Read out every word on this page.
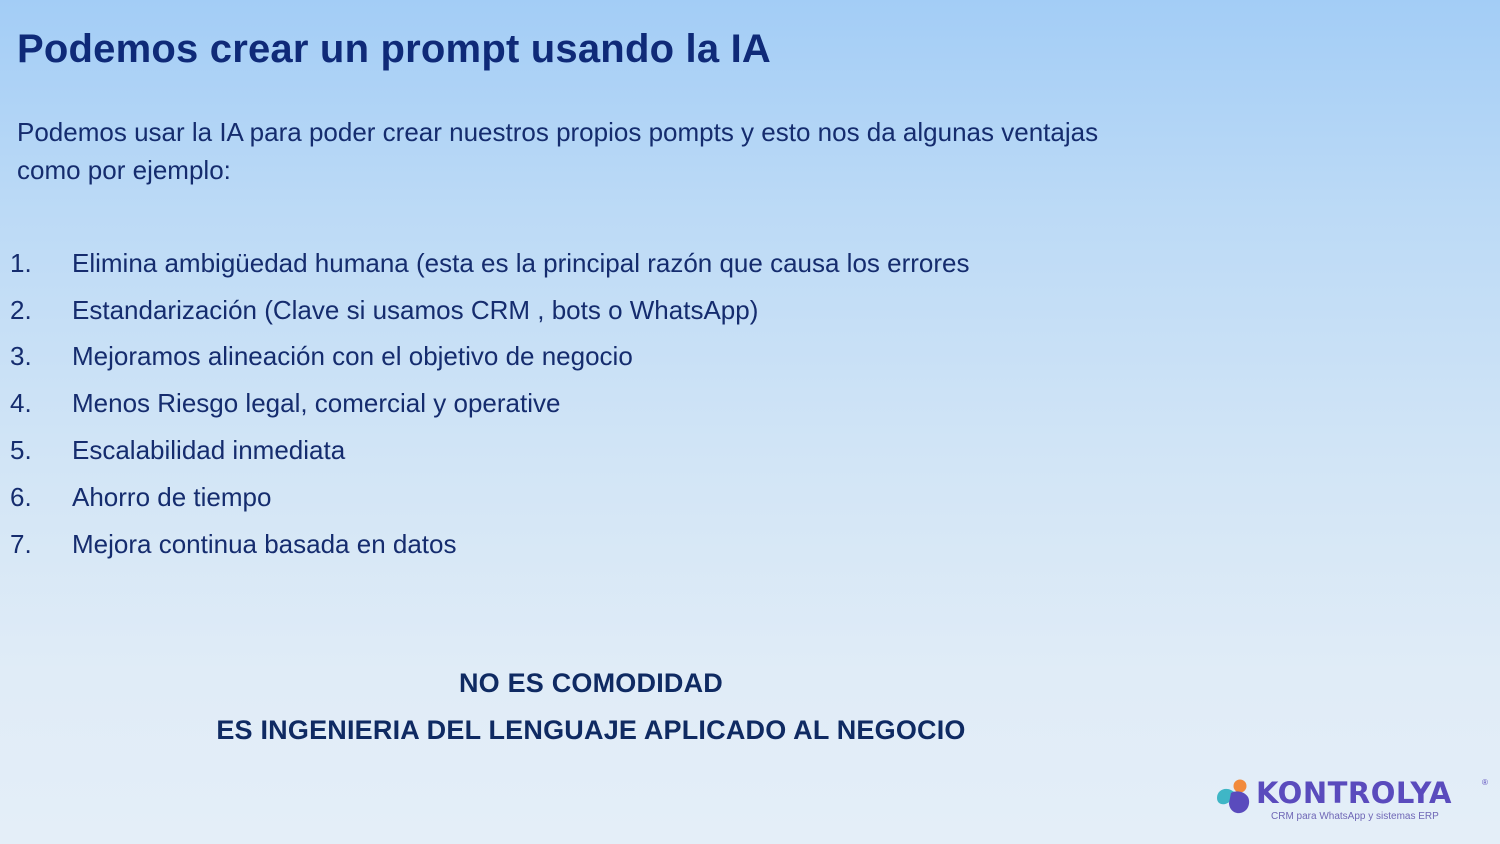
Podemos crear un prompt usando la IA

Podemos usar la IA para poder crear nuestros propios pompts y esto nos da algunas ventajas como por ejemplo:

1.	Elimina ambigüedad humana (esta es la principal razón que causa los errores
2.	Estandarización (Clave si usamos CRM , bots o WhatsApp)
3.	Mejoramos alineación con el objetivo de negocio
4.	Menos Riesgo legal, comercial y operative
5.	Escalabilidad inmediata
6.	Ahorro de tiempo
7.	Mejora continua basada en datos

NO ES COMODIDAD

ES INGENIERIA DEL LENGUAJE APLICADO AL NEGOCIO

KONTROLYA	®
CRM para WhatsApp y sistemas ERP
